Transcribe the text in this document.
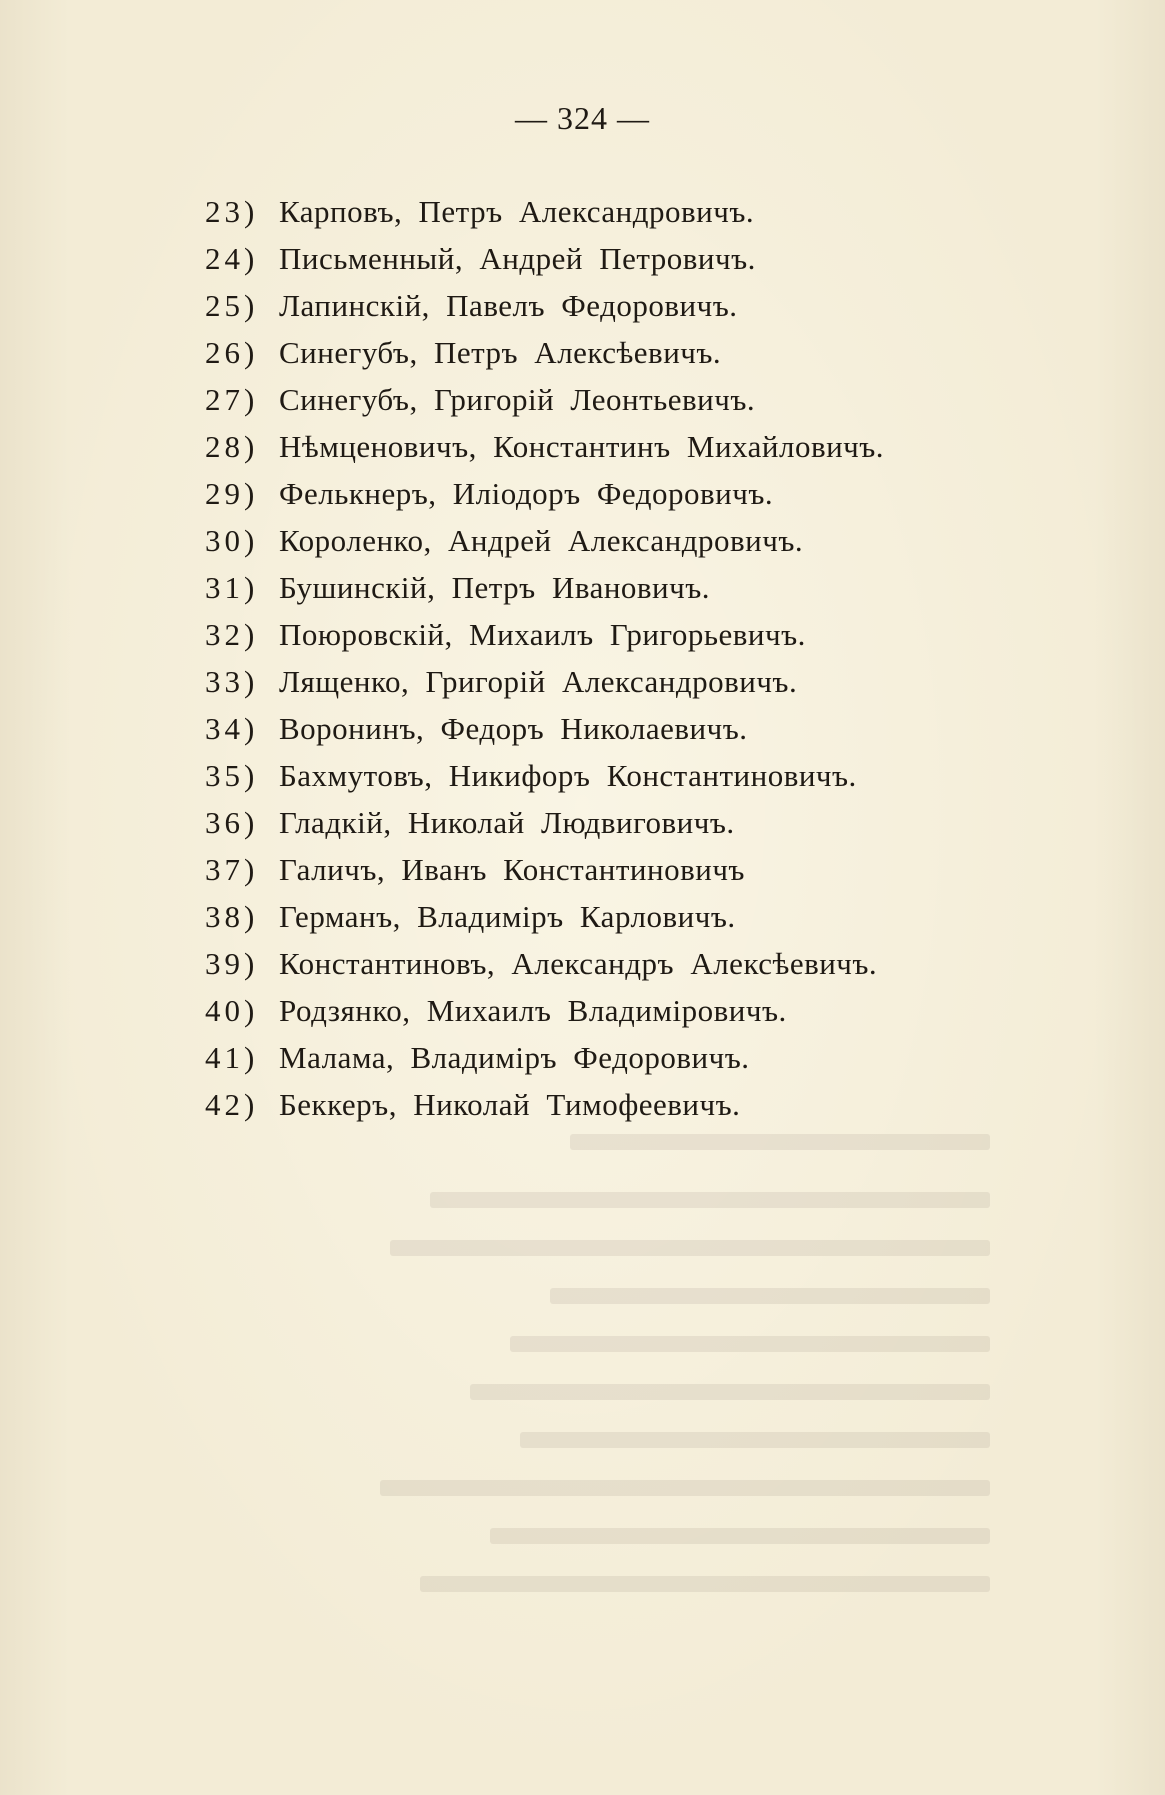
— 324 —
23) Карповъ, Петръ Александровичъ.
24) Письменный, Андрей Петровичъ.
25) Лапинскій, Павелъ Федоровичъ.
26) Синегубъ, Петръ Алексѣевичъ.
27) Синегубъ, Григорій Леонтьевичъ.
28) Нѣмценовичъ, Константинъ Михайловичъ.
29) Фелькнеръ, Иліодоръ Федоровичъ.
30) Короленко, Андрей Александровичъ.
31) Бушинскій, Петръ Ивановичъ.
32) Поюровскій, Михаилъ Григорьевичъ.
33) Лященко, Григорій Александровичъ.
34) Воронинъ, Федоръ Николаевичъ.
35) Бахмутовъ, Никифоръ Константиновичъ.
36) Гладкій, Николай Людвиговичъ.
37) Галичъ, Иванъ Константиновичъ
38) Германъ, Владиміръ Карловичъ.
39) Константиновъ, Александръ Алексѣевичъ.
40) Родзянко, Михаилъ Владиміровичъ.
41) Малама, Владиміръ Федоровичъ.
42) Беккеръ, Николай Тимофеевичъ.
